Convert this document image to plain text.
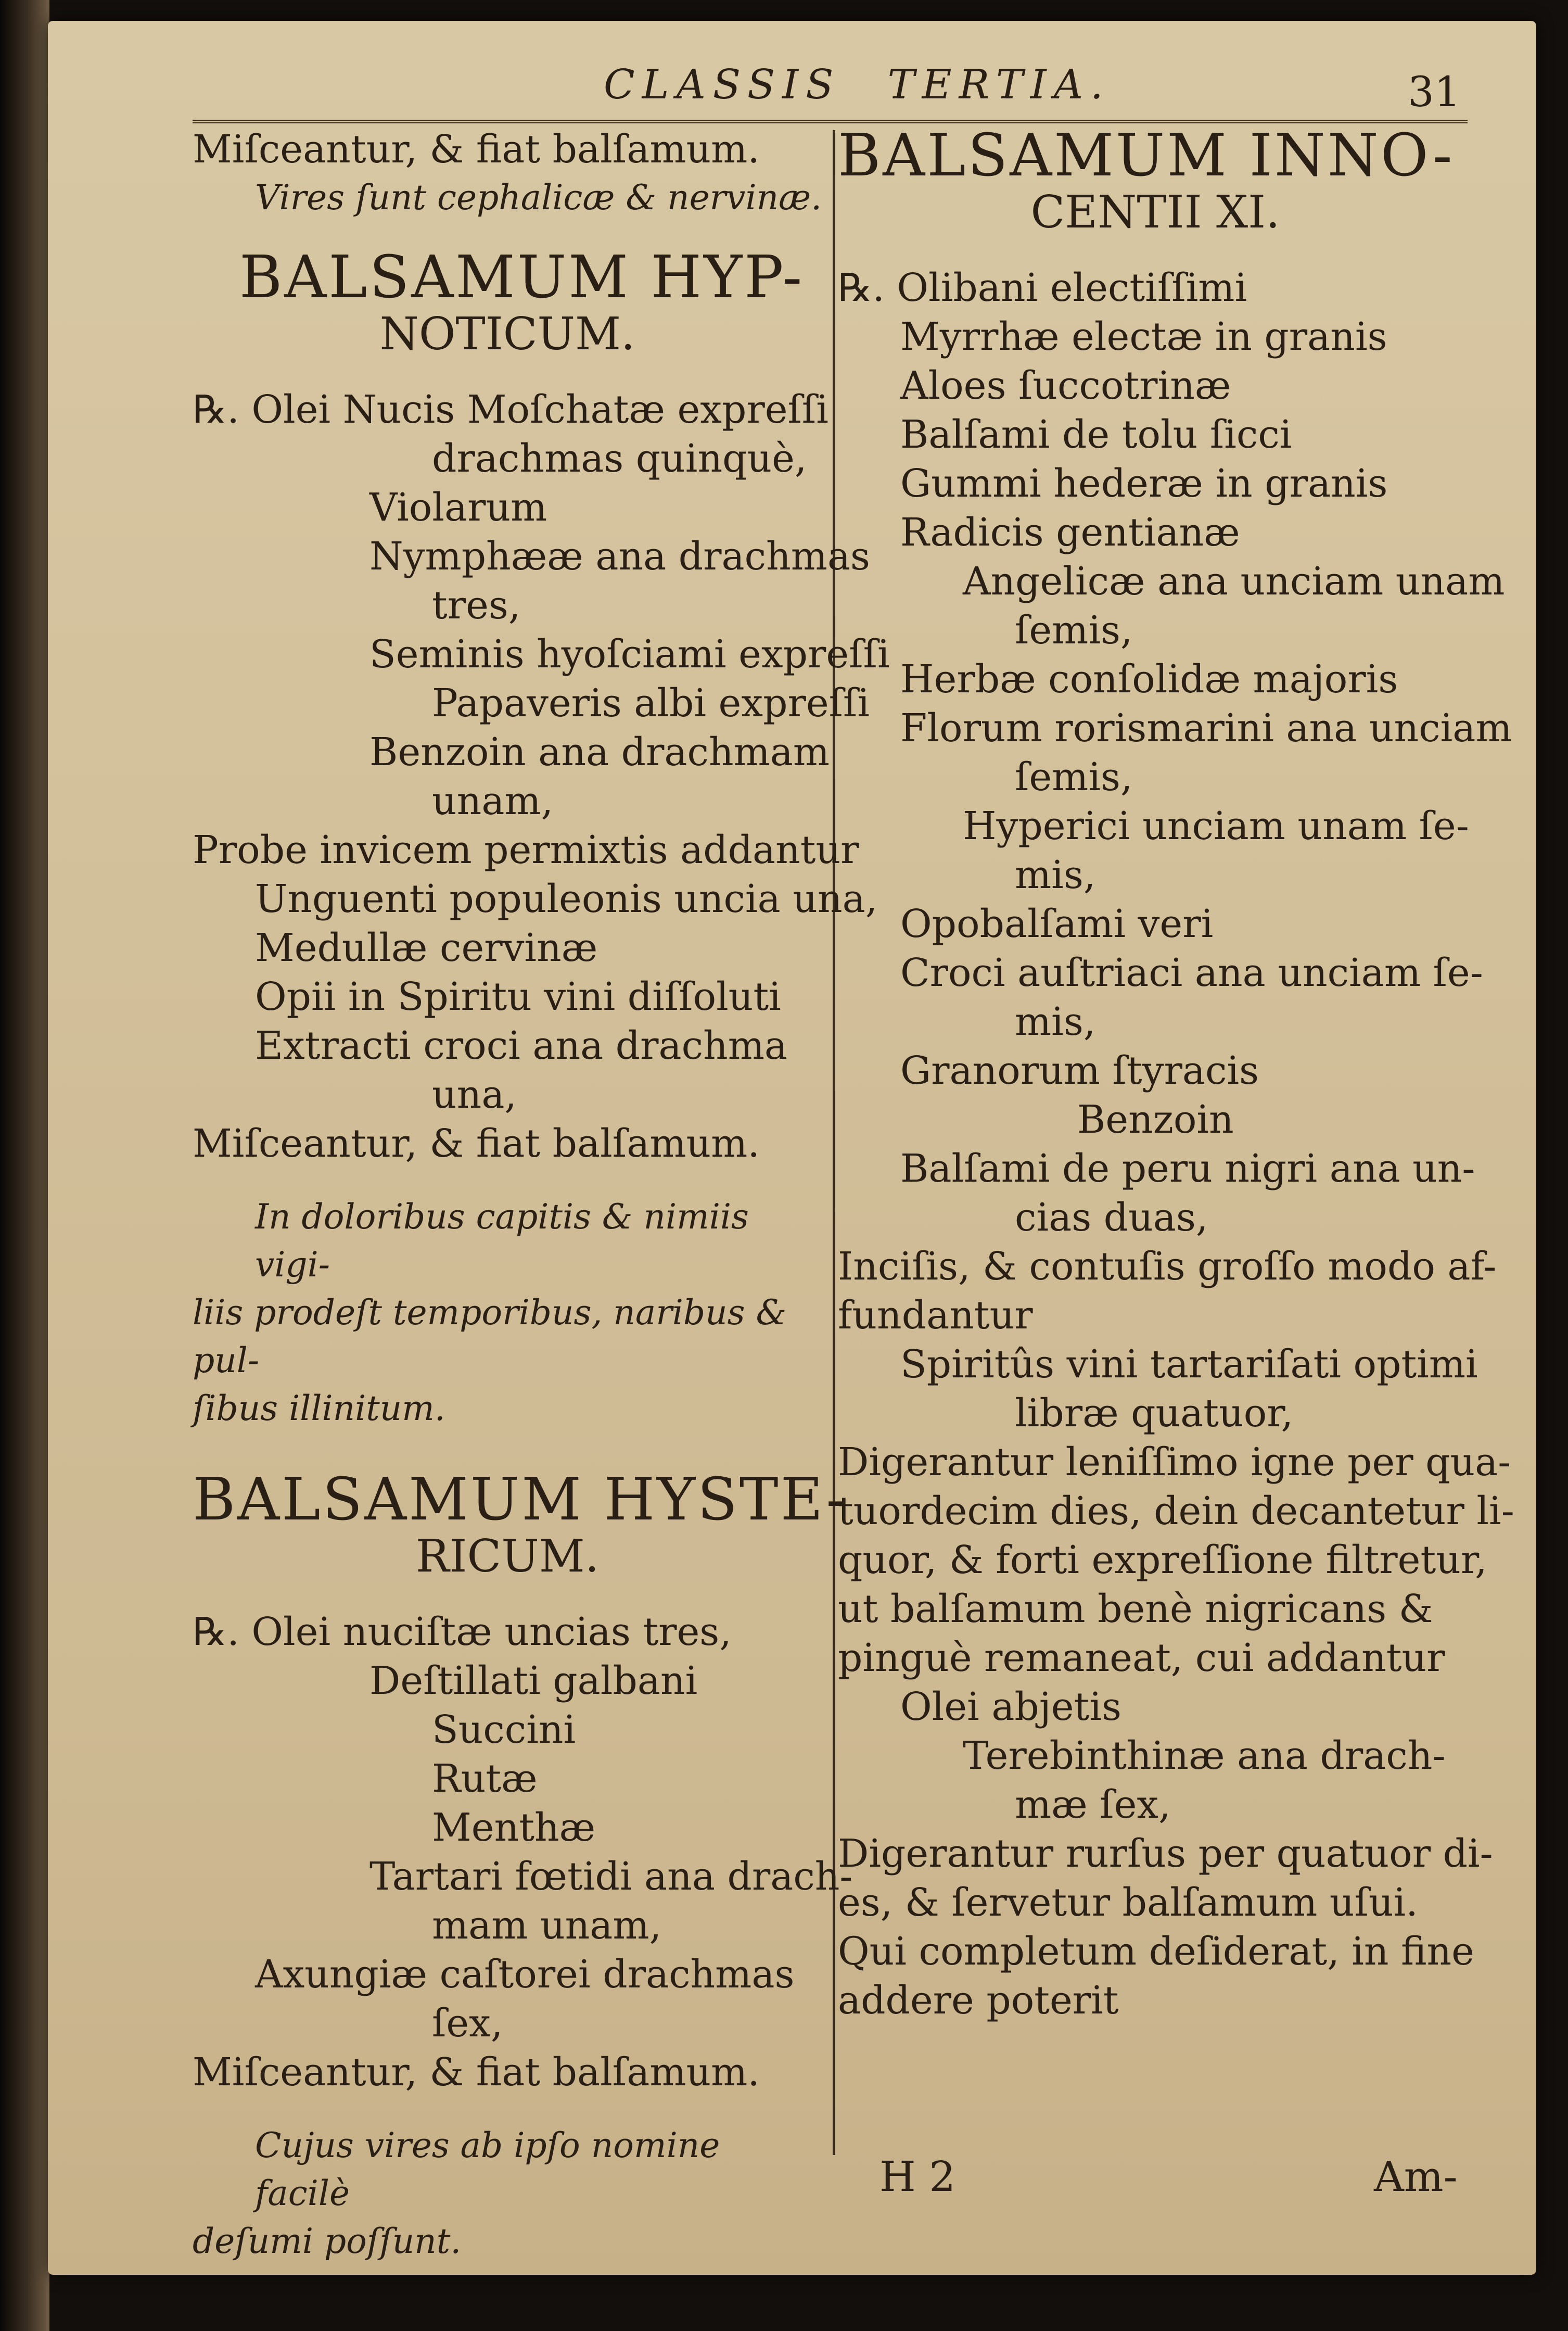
CLASSIS TERTIA.	31
Miſceantur, & fiat balſamum.
Vires ſunt cephalicæ & nervinæ.
BALSAMUM HYP-
NOTICUM.
℞. Olei Nucis Moſchatæ expreſſi
drachmas quinquè,
Violarum
Nymphææ ana drachmas
tres,
Seminis hyoſciami expreſſi
Papaveris albi expreſſi
Benzoin ana drachmam
unam,
Probe invicem permixtis addantur
Unguenti populeonis uncia una,
Medullæ cervinæ
Opii in Spiritu vini diſſoluti
Extracti croci ana drachma
una,
Miſceantur, & fiat balſamum.
In doloribus capitis & nimiis vigi-
liis prodeſt temporibus, naribus & pul-
ſibus illinitum.
BALSAMUM HYSTE-
RICUM.
℞. Olei nuciſtæ uncias tres,
Deſtillati galbani
Succini
Rutæ
Menthæ
Tartari fœtidi ana drach-
mam unam,
Axungiæ caſtorei drachmas
ſex,
Miſceantur, & fiat balſamum.
Cujus vires ab ipſo nomine facilè
deſumi poſſunt.
BALSAMUM INNO-
CENTII XI.
℞. Olibani electiſſimi
Myrrhæ electæ in granis
Aloes ſuccotrinæ
Balſami de tolu ſicci
Gummi hederæ in granis
Radicis gentianæ
Angelicæ ana unciam unam
ſemis,
Herbæ conſolidæ majoris
Florum rorismarini ana unciam
ſemis,
Hyperici unciam unam ſe-
mis,
Opobalſami veri
Croci auſtriaci ana unciam ſe-
mis,
Granorum ſtyracis
Benzoin
Balſami de peru nigri ana un-
cias duas,
Inciſis, & contuſis groſſo modo af-
fundantur
Spiritûs vini tartariſati optimi
libræ quatuor,
Digerantur leniſſimo igne per qua-
tuordecim dies, dein decantetur li-
quor, & forti expreſſione filtretur,
ut balſamum benè nigricans &
pinguè remaneat, cui addantur
Olei abjetis
Terebinthinæ ana drach-
mæ ſex,
Digerantur rurſus per quatuor di-
es, & ſervetur balſamum uſui.
Qui completum deſiderat, in fine
addere poterit
H 2	Am-
